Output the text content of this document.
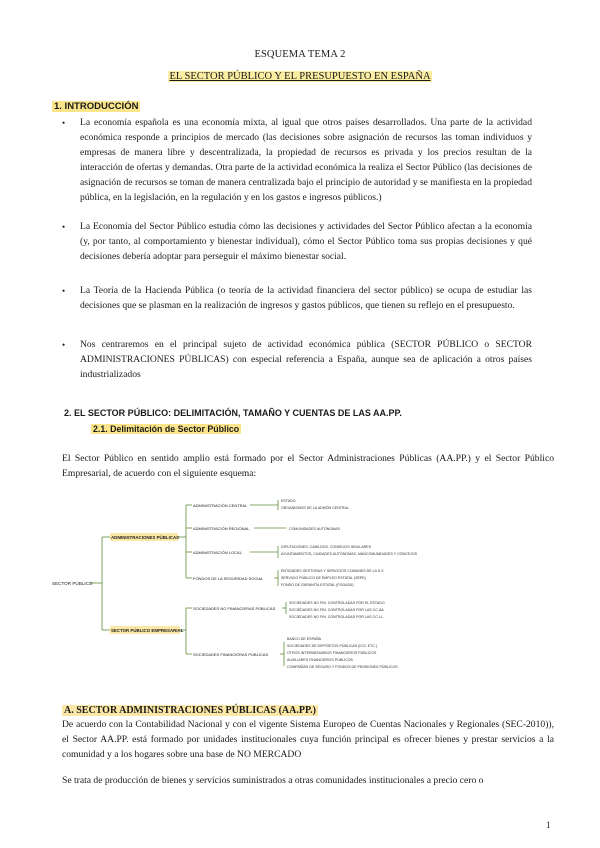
ESQUEMA TEMA 2
EL SECTOR PÚBLICO Y EL PRESUPUESTO EN ESPAÑA
1. INTRODUCCIÓN
• La economía española es una economía mixta, al igual que otros países desarrollados. Una parte de la actividad económica responde a principios de mercado (las decisiones sobre asignación de recursos las toman individuos y empresas de manera libre y descentralizada, la propiedad de recursos es privada y los precios resultan de la interacción de ofertas y demandas. Otra parte de la actividad económica la realiza el Sector Público (las decisiones de asignación de recursos se toman de manera centralizada bajo el principio de autoridad y se manifiesta en la propiedad pública, en la legislación, en la regulación y en los gastos e ingresos públicos.)
• La Economía del Sector Público estudia cómo las decisiones y actividades del Sector Público afectan a la economía (y, por tanto, al comportamiento y bienestar individual), cómo el Sector Público toma sus propias decisiones y qué decisiones debería adoptar para perseguir el máximo bienestar social.
• La Teoría de la Hacienda Pública (o teoría de la actividad financiera del sector público) se ocupa de estudiar las decisiones que se plasman en la realización de ingresos y gastos públicos, que tienen su reflejo en el presupuesto.
• Nos centraremos en el principal sujeto de actividad económica pública (SECTOR PÚBLICO o SECTOR ADMINISTRACIONES PÚBLICAS) con especial referencia a España, aunque sea de aplicación a otros países industrializados
2. EL SECTOR PÚBLICO: DELIMITACIÓN, TAMAÑO Y CUENTAS DE LAS AA.PP.
2.1. Delimitación de Sector Público
El Sector Público en sentido amplio está formado por el Sector Administraciones Públicas (AA.PP.) y el Sector Público Empresarial, de acuerdo con el siguiente esquema:
SECTOR PÚBLICO
ADMINISTRACIONES PÚBLICAS
SECTOR PÚBLICO EMPRESARIAL
ADMINISTRACIÓN CENTRAL
ADMINISTRACIÓN REGIONAL
ADMINISTRACIÓN LOCAL
FONDOS DE LA SEGURIDAD SOCIAL
SOCIEDADES NO FINANCIERAS PÚBLICAS
SOCIEDADES FINANCIERAS PÚBLICAS
ESTADO
ORGANISMOS DE LA ADMÓN CENTRAL
COMUNIDADES AUTÓNOMAS
DIPUTACIONES, CABILDOS, CONSEJOS INSULARES
AYUNTAMIENTOS, CIUDADES AUTÓNOMAS, MANCOMUNIDADES Y CONCEJOS
ENTIDADES GESTORAS Y SERVICIOS COMUNES DE LA S.S.
SERVICIO PÚBLICO DE EMPLEO ESTATAL (SEPE)
FONDO DE GARANTÍA ESTATAL (FOGASA)
SOCIEDADES NO FIN. CONTROLADAS POR EL ESTADO
SOCIEDADES NO FIN. CONTROLADAS POR LAS CC.AA.
SOCIEDADES NO FIN. CONTROLADAS POR LAS CC.LL.
BANCO DE ESPAÑA
SOCIEDADES DE DEPÓSITOS PÚBLICAS (ICO, ETC.)
OTROS INTERMEDIARIOS FINANCIEROS PÚBLICOS
AUXILIARES FINANCIEROS PÚBLICOS
COMPAÑÍAS DE SEGURO Y FONDOS DE PENSIONES PÚBLICOS
A. SECTOR ADMINISTRACIONES PÚBLICAS (AA.PP.)
De acuerdo con la Contabilidad Nacional y con el vigente Sistema Europeo de Cuentas Nacionales y Regionales (SEC-2010)), el Sector AA.PP. está formado por unidades institucionales cuya función principal es ofrecer bienes y prestar servicios a la comunidad y a los hogares sobre una base de NO MERCADO
Se trata de producción de bienes y servicios suministrados a otras comunidades institucionales a precio cero o
1
